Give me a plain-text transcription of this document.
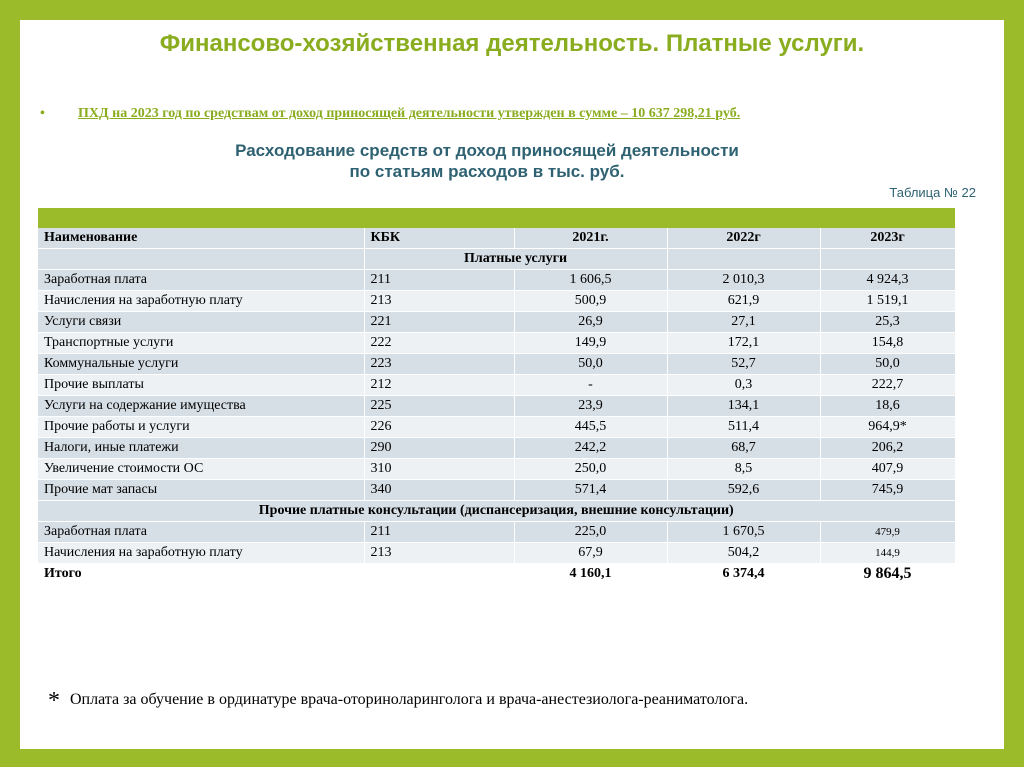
Финансово-хозяйственная деятельность. Платные услуги.
•	ПХД на 2023 год по средствам от доход приносящей деятельности утвержден в сумме – 10 637 298,21 руб.
Расходование средств от доход приносящей деятельности
по статьям расходов в тыс. руб.
Таблица № 22
Наименование	КБК	2021г.	2022г	2023г
	Платные услуги			
Заработная плата	211	1 606,5	2 010,3	4 924,3
Начисления на заработную плату	213	500,9	621,9	1 519,1
Услуги связи	221	26,9	27,1	25,3
Транспортные услуги	222	149,9	172,1	154,8
Коммунальные услуги	223	50,0	52,7	50,0
Прочие выплаты	212	-	0,3	222,7
Услуги на содержание имущества	225	23,9	134,1	18,6
Прочие работы и услуги	226	445,5	511,4	964,9*
Налоги, иные платежи	290	242,2	68,7	206,2
Увеличение стоимости ОС	310	250,0	8,5	407,9
Прочие мат запасы	340	571,4	592,6	745,9
Прочие платные консультации (диспансеризация, внешние консультации)				
Заработная плата	211	225,0	1 670,5	479,9
Начисления на заработную плату	213	67,9	504,2	144,9
Итого		4 160,1	6 374,4	9 864,5
* Оплата за обучение в ординатуре врача-оториноларинголога и врача-анестезиолога-реаниматолога.
